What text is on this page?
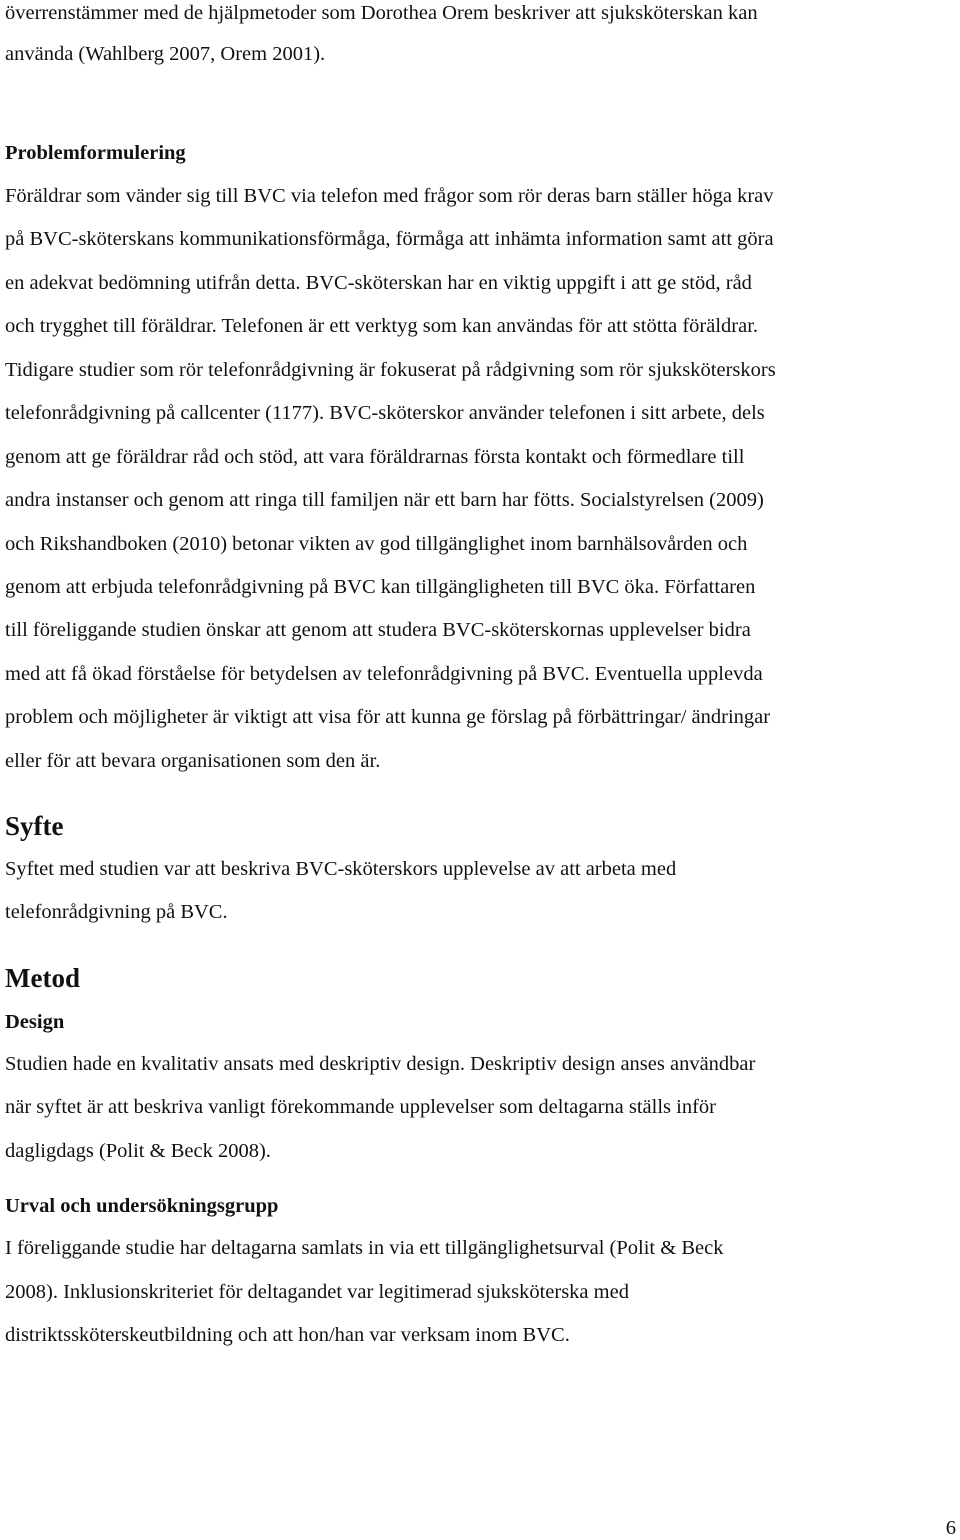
överrenstämmer med de hjälpmetoder som Dorothea Orem beskriver att sjuksköterskan kan
använda (Wahlberg 2007, Orem 2001).
Problemformulering
Föräldrar som vänder sig till BVC via telefon med frågor som rör deras barn ställer höga krav
på BVC-sköterskans kommunikationsförmåga, förmåga att inhämta information samt att göra
en adekvat bedömning utifrån detta. BVC-sköterskan har en viktig uppgift i att ge stöd, råd
och trygghet till föräldrar. Telefonen är ett verktyg som kan användas för att stötta föräldrar.
Tidigare studier som rör telefonrådgivning är fokuserat på rådgivning som rör sjuksköterskors
telefonrådgivning på callcenter (1177). BVC-sköterskor använder telefonen i sitt arbete, dels
genom att ge föräldrar råd och stöd, att vara föräldrarnas första kontakt och förmedlare till
andra instanser och genom att ringa till familjen när ett barn har fötts. Socialstyrelsen (2009)
och Rikshandboken (2010) betonar vikten av god tillgänglighet inom barnhälsovården och
genom att erbjuda telefonrådgivning på BVC kan tillgängligheten till BVC öka. Författaren
till föreliggande studien önskar att genom att studera BVC-sköterskornas upplevelser bidra
med att få ökad förståelse för betydelsen av telefonrådgivning på BVC. Eventuella upplevda
problem och möjligheter är viktigt att visa för att kunna ge förslag på förbättringar/ ändringar
eller för att bevara organisationen som den är.
Syfte
Syftet med studien var att beskriva BVC-sköterskors upplevelse av att arbeta med
telefonrådgivning på BVC.
Metod
Design
Studien hade en kvalitativ ansats med deskriptiv design. Deskriptiv design anses användbar
när syftet är att beskriva vanligt förekommande upplevelser som deltagarna ställs inför
dagligdags (Polit & Beck 2008).
Urval och undersökningsgrupp
I föreliggande studie har deltagarna samlats in via ett tillgänglighetsurval (Polit & Beck
2008). Inklusionskriteriet för deltagandet var legitimerad sjuksköterska med
distriktssköterskeutbildning och att hon/han var verksam inom BVC.
6
